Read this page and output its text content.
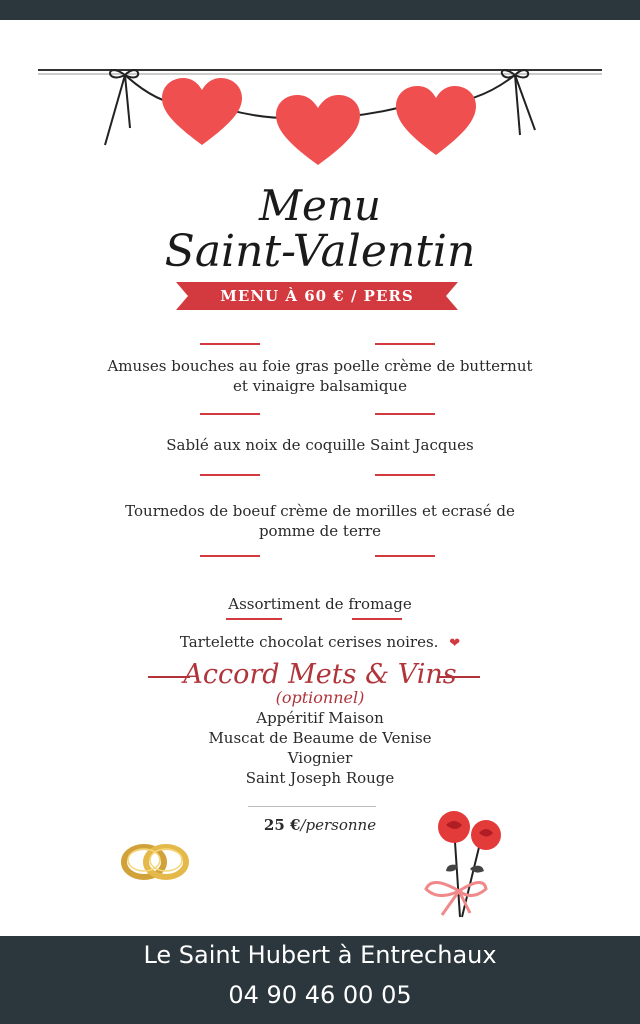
Menu
Saint-Valentin
MENU À 60 € / PERS
Amuses bouches au foie gras poelle crème de butternut et vinaigre balsamique
Sablé aux noix de coquille Saint Jacques
Tournedos de boeuf crème de morilles et ecrasé de pomme de terre
Assortiment de fromage
Tartelette chocolat cerises noires. ❤
Accord Mets & Vins
(optionnel)
Appéritif Maison
Muscat de Beaume de Venise
Viognier
Saint Joseph Rouge
25 €/personne
Le Saint Hubert à Entrechaux
04 90 46 00 05
